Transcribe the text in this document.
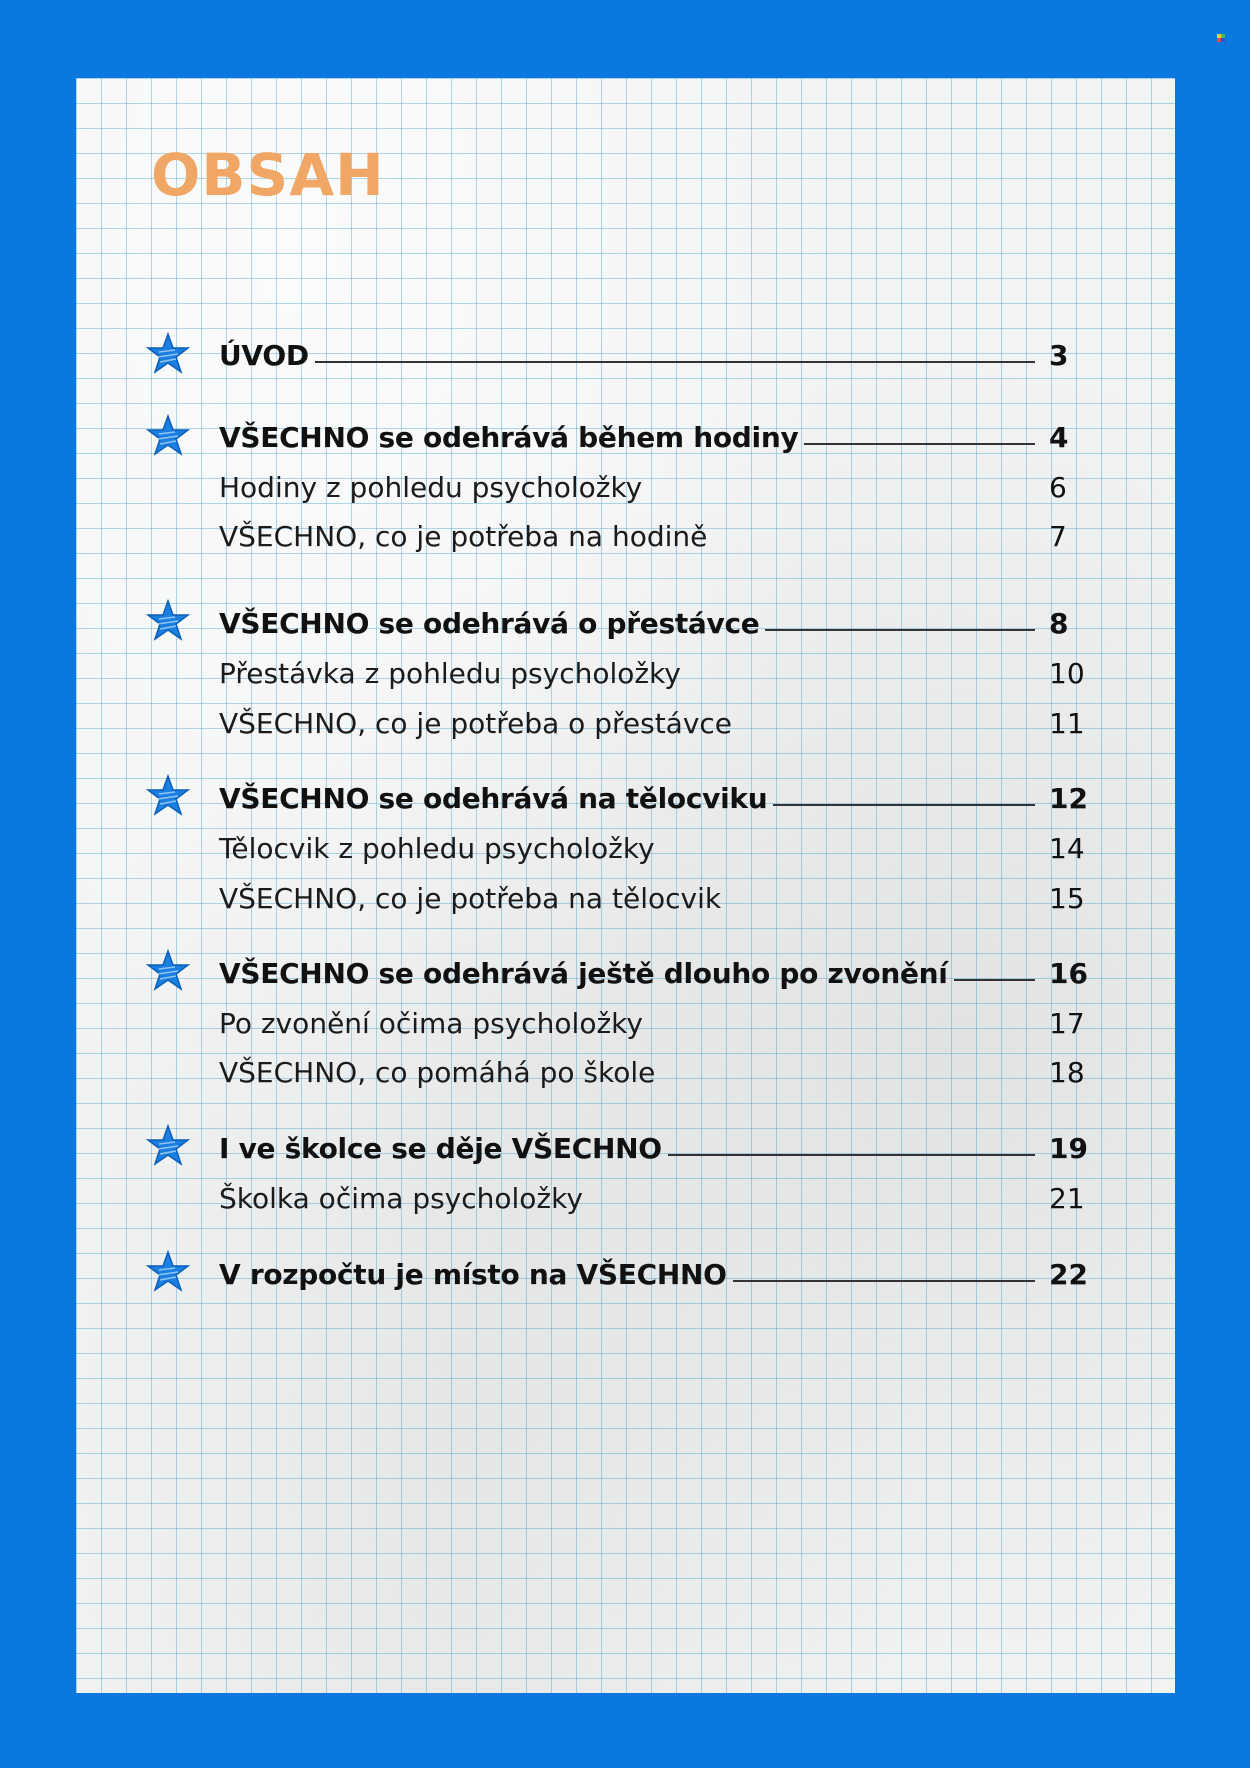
OBSAH
ÚVOD	3
VŠECHNO se odehrává během hodiny	4
Hodiny z pohledu psycholožky	6
VŠECHNO, co je potřeba na hodině	7
VŠECHNO se odehrává o přestávce	8
Přestávka z pohledu psycholožky	10
VŠECHNO, co je potřeba o přestávce	11
VŠECHNO se odehrává na tělocviku	12
Tělocvik z pohledu psycholožky	14
VŠECHNO, co je potřeba na tělocvik	15
VŠECHNO se odehrává ještě dlouho po zvonění	16
Po zvonění očima psycholožky	17
VŠECHNO, co pomáhá po škole	18
I ve školce se děje VŠECHNO	19
Školka očima psycholožky	21
V rozpočtu je místo na VŠECHNO	22
